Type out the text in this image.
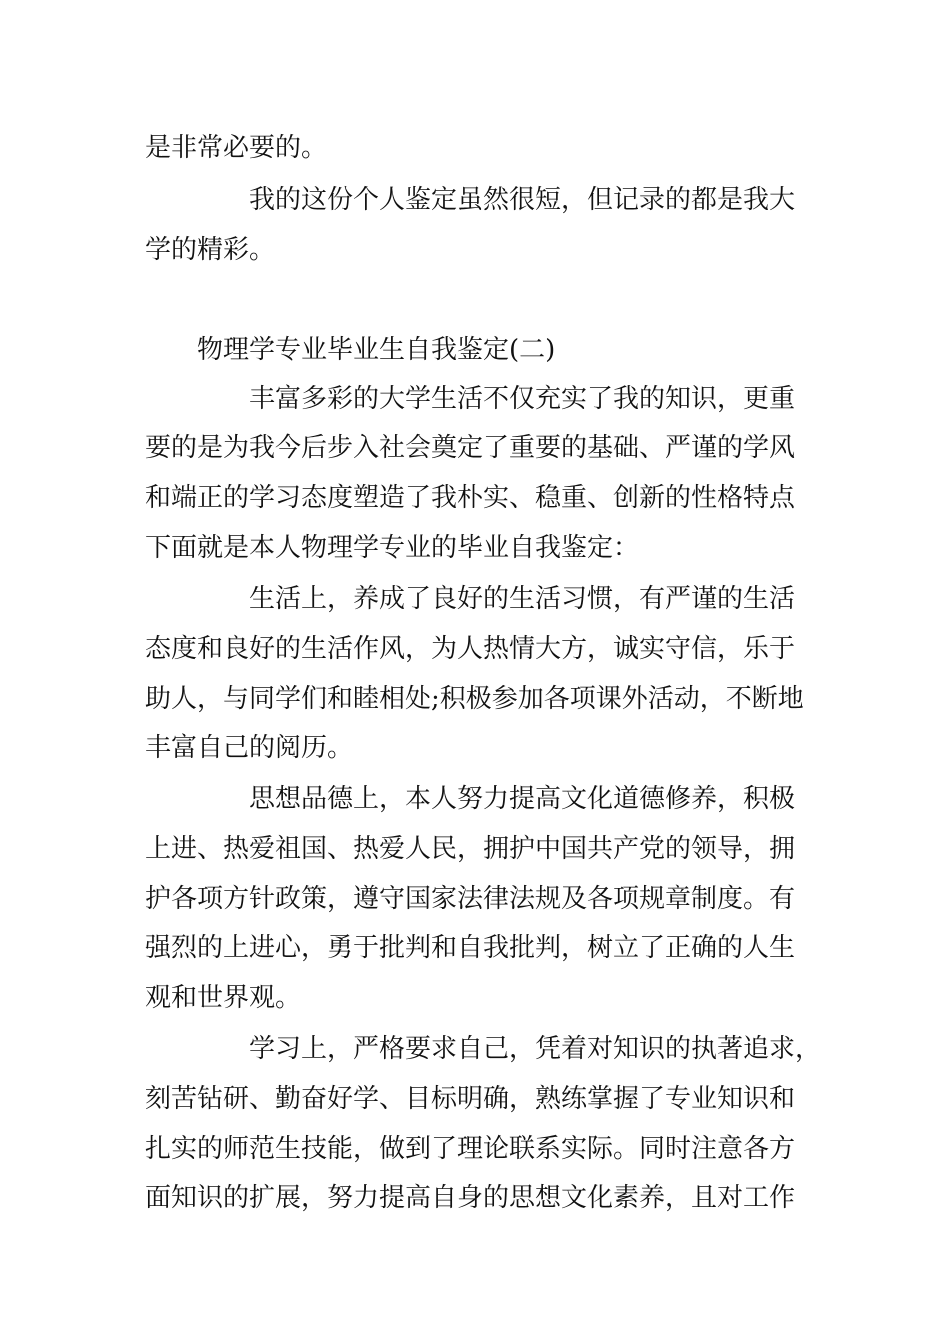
是非常必要的。
我的这份个人鉴定虽然很短，但记录的都是我大
学的精彩。
物理学专业毕业生自我鉴定(二)
丰富多彩的大学生活不仅充实了我的知识，更重
要的是为我今后步入社会奠定了重要的基础、严谨的学风
和端正的学习态度塑造了我朴实、稳重、创新的性格特点
下面就是本人物理学专业的毕业自我鉴定：
生活上，养成了良好的生活习惯，有严谨的生活
态度和良好的生活作风，为人热情大方，诚实守信，乐于
助人，与同学们和睦相处;积极参加各项课外活动，不断地
丰富自己的阅历。
思想品德上，本人努力提高文化道德修养，积极
上进、热爱祖国、热爱人民，拥护中国共产党的领导，拥
护各项方针政策，遵守国家法律法规及各项规章制度。有
强烈的上进心，勇于批判和自我批判，树立了正确的人生
观和世界观。
学习上，严格要求自己，凭着对知识的执著追求，
刻苦钻研、勤奋好学、目标明确，熟练掌握了专业知识和
扎实的师范生技能，做到了理论联系实际。同时注意各方
面知识的扩展，努力提高自身的思想文化素养，且对工作
